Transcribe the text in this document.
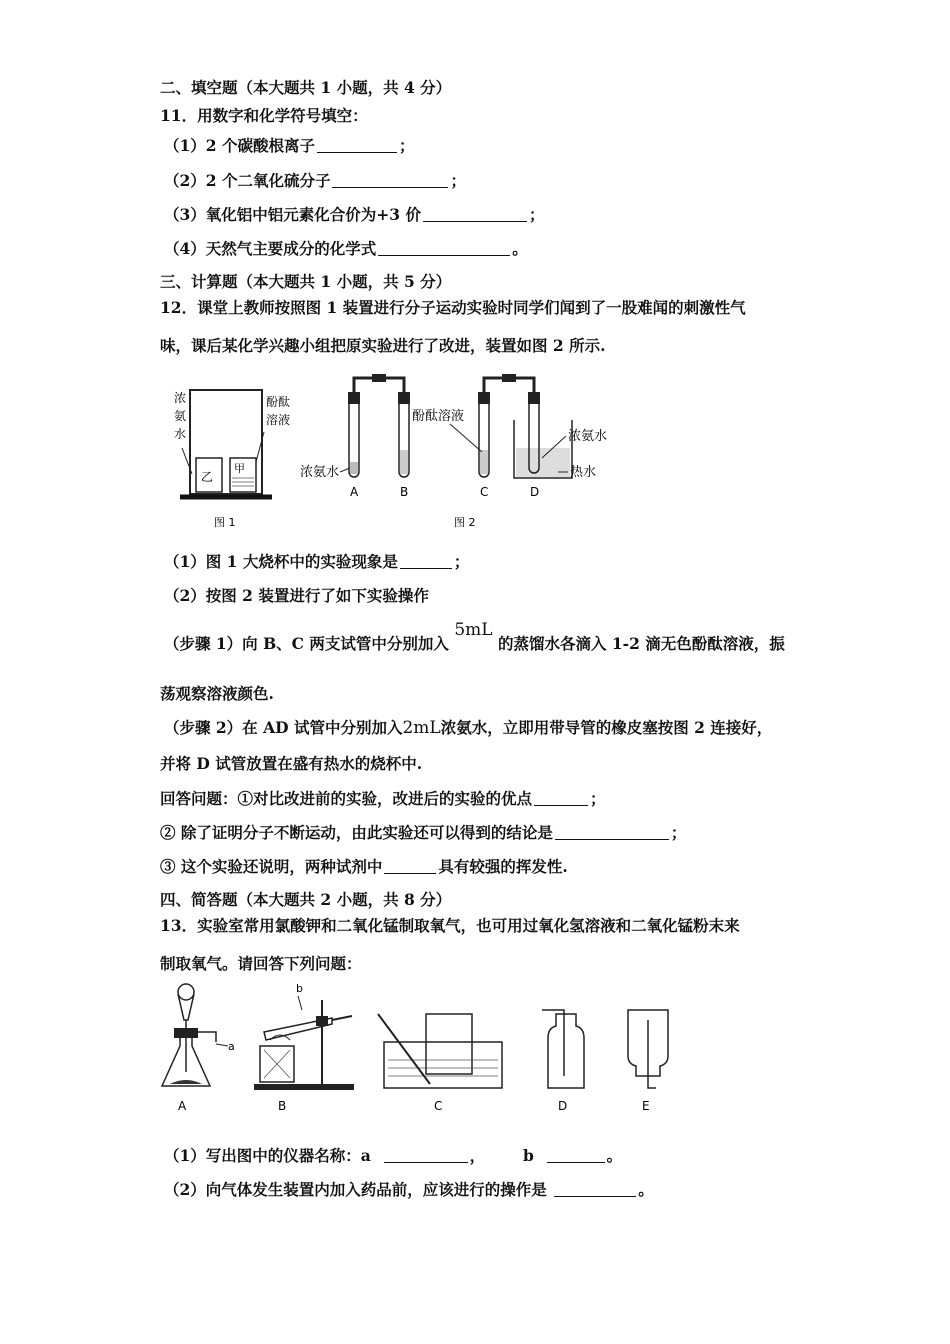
二、填空题（本大题共 1 小题，共 4 分）
11．用数字和化学符号填空：
（1）2 个碳酸根离子	；
（2）2 个二氧化硫分子	；
（3）氧化铝中铝元素化合价为+3 价	；
（4）天然气主要成分的化学式	。
三、计算题（本大题共 1 小题，共 5 分）
12．课堂上教师按照图 1 装置进行分子运动实验时同学们闻到了一股难闻的刺激性气
味，课后某化学兴趣小组把原实验进行了改进，装置如图 2 所示.
浓
氨
水
乙
甲
酚酞
溶液
图 1
浓氨水
酚酞溶液
浓氨水
热水
A	B	C	D
图 2
（1）图 1 大烧杯中的实验现象是	；
（2）按图 2 装置进行了如下实验操作
（步骤 1）向 B、C 两支试管中分别加入 5mL 的蒸馏水各滴入 1-2 滴无色酚酞溶液，振
荡观察溶液颜色.
（步骤 2）在 AD 试管中分别加入2mL浓氨水，立即用带导管的橡皮塞按图 2 连接好，
并将 D 试管放置在盛有热水的烧杯中.
回答问题：①对比改进前的实验，改进后的实验的优点	；
② 除了证明分子不断运动，由此实验还可以得到的结论是	；
③ 这个实验还说明，两种试剂中	具有较强的挥发性.
四、简答题（本大题共 2 小题，共 8 分）
13．实验室常用氯酸钾和二氧化锰制取氧气，也可用过氧化氢溶液和二氧化锰粉末来
制取氧气。请回答下列问题：
a
A
b
B	C	D	E
（1）写出图中的仪器名称：a	， b	。
（2）向气体发生装置内加入药品前，应该进行的操作是	。
